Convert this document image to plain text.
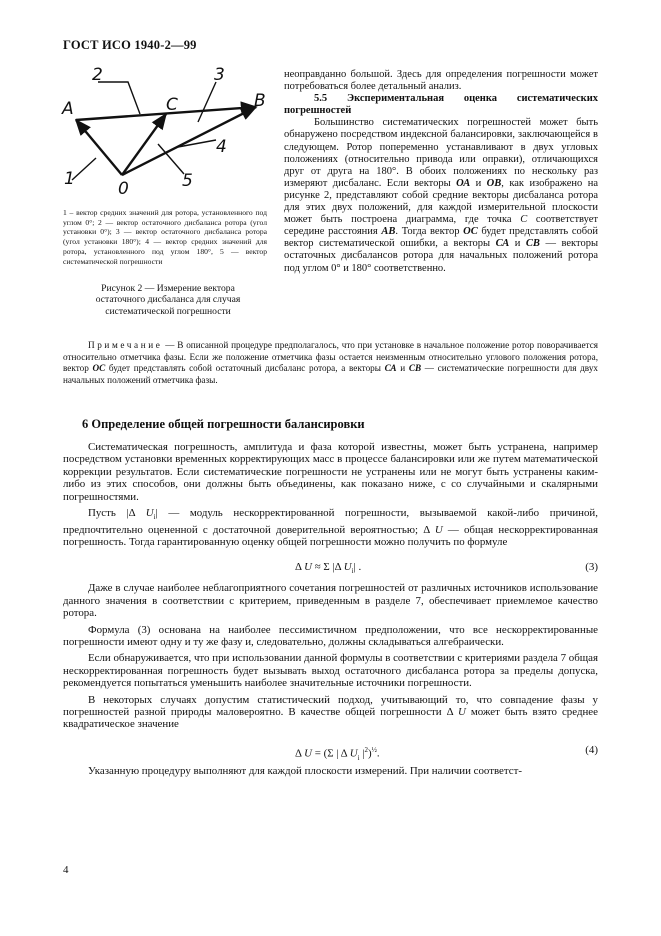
ГОСТ ИСО 1940-2—99
A	B
C
0
1
2	3
4
5
1 – вектор средних значений для ротора, установленного под углом 0°; 2 — вектор остаточного дисбаланса ротора (угол установки 0°); 3 — вектор остаточного дисбаланса ротора (угол установки 180°); 4 — вектор средних значений для ротора, установленного под углом 180°, 5 — вектор систематической погрешности
Рисунок 2 — Измерение вектора
остаточного дисбаланса для случая
систематической погрешности

неоправданно большой. Здесь для определения погрешности может потребоваться более детальный анализ.

5.5 Экспериментальная оценка систематических погрешностей

Большинство систематических погрешностей может быть обнаружено посредством индексной балансировки, заключающейся в следующем. Ротор попеременно устанавливают в двух угловых положениях (относительно привода или оправки), отличающихся друг от друга на 180°. В обоих положениях по нескольку раз измеряют дисбаланс. Если векторы ОА и ОВ, как изображено на рисунке 2, представляют собой средние векторы дисбаланса ротора для этих двух положений, для каждой измерительной плоскости может быть построена диаграмма, где точка С соответствует середине расстояния AB. Тогда вектор ОС будет представлять собой вектор систематической ошибки, а векторы СА и СВ — векторы остаточных дисбалансов ротора для начальных положений ротора под углом 0° и 180° соответственно.

Примечание — В описанной процедуре предполагалось, что при установке в начальное положение ротор поворачивается относительно отметчика фазы. Если же положение отметчика фазы остается неизменным относительно углового положения ротора, вектор ОС будет представлять собой остаточный дисбаланс ротора, а векторы СА и СВ — систематические погрешности для двух начальных положений отметчика фазы.
6 Определение общей погрешности балансировки

Систематическая погрешность, амплитуда и фаза которой известны, может быть устранена, например посредством установки временных корректирующих масс в процессе балансировки или же путем математической коррекции результатов. Если систематические погрешности не устранены или не могут быть устранены каким-либо из этих способов, они должны быть объединены, как показано ниже, с со случайными и скалярными погрешностями.

Пусть |Δ $U_i|$ — модуль нескорректированной погрешности, вызываемой какой-либо причиной, предпочтительно оцененной с достаточной доверительной вероятностью; Δ U — общая нескорректированная погрешность. Тогда гарантированную оценку общей погрешности можно получить по формуле

Δ U ≈ Σ |Δ $U_i|$ .	(3)

Даже в случае наиболее неблагоприятного сочетания погрешностей от различных источников использование данного значения в соответствии с критерием, приведенным в разделе 7, обеспечивает приемлемое качество ротора.

Формула (3) основана на наиболее пессимистичном предположении, что все нескорректированные погрешности имеют одну и ту же фазу и, следовательно, должны складываться алгебраически.

Если обнаруживается, что при использовании данной формулы в соответствии с критериями раздела 7 общая нескорректированная погрешность будет вызывать выход остаточного дисбаланса ротора за пределы допуска, рекомендуется попытаться уменьшить наиболее значительные источники погрешности.

В некоторых случаях допустим статистический подход, учитывающий то, что совпадение фазы у погрешностей разной природы маловероятно. В качестве общей погрешности Δ U может быть взято среднее квадратическое значение

Δ U = (Σ | Δ $U_i$ $|^2)^{\frac{1}{2}}$.	(4)

Указанную процедуру выполняют для каждой плоскости измерений. При наличии соответст-

4
